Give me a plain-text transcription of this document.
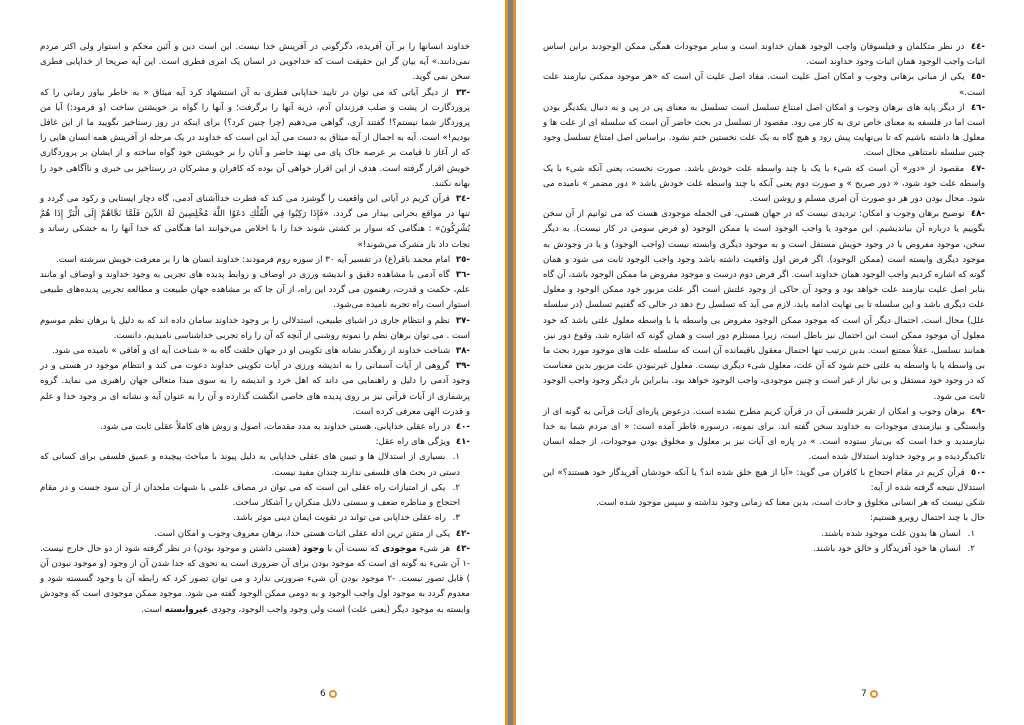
خداوند انسانها را بر آن آفریده، دگرگونی در آفرینش خدا نیست. این است دین و آئین محکم و استوار ولی اکثر مردم نمی‌دانند.» آیه بیان گر این حقیقت است که خداجویی در انسان یک امری فطری است. این آیه صریحا از خداپابی فطری سخن نمی گوید.

-٣٣ از دیگر آیاتی که می توان در تایید خداپابی فطری به آن استشهاد کرد آیه میثاق « به خاطر بیاور زمانی را که پروردگارت از پشت و صلب فرزندان آدم، ذریه آنها را برگرفت؛ و آنها را گواه بر خویشتن ساخت (و فرمود:) آیا من پروردگار شما نیستم؟! گفتند آری، گواهی می‌دهیم (چرا چنین کرد؟) برای اینکه در روز رستاخیز نگویید ما از این غافل بودیم!» است. آیه به اجمال از آیه میثاق به دست می آید این است که خداوند در یک مرحله از آفرینش همه انسان هایی را که از آغاز تا قیامت بر عرصه خاک پای می نهند حاضر و آنان را بر خویشتن خود گواه ساخته و از ایشان بر پروردگاری خویش اقرار گرفته است. هدف از این اقرار خواهی آن بوده که کافران و مشرکان در رستاخیز بی خبری و ناآگاهی خود را بهانه نکنند.

-٣٤ قرآن کریم در آیاتی این واقعیت را گوشزد می کند که فطرت خداآشنای آدمی، گاه دچار ایستایی و رکود می گردد و تنها در مواقع بحرانی بیدار می گردد. «فَإِذَا رَكِبُوا فِي الْفُلْكِ دَعَوُا اللَّهَ مُخْلِصِينَ لَهُ الدِّينَ فَلَمَّا نَجَّاهُمْ إِلَى الْبَرِّ إِذَا هُمْ يُشْرِكُونَ» : هنگامی که سوار بر کشتی شوند خدا را با اخلاص می‌خوانند اما هنگامی که خدا آنها را به خشکی رساند و نجات داد باز مشرک می‌شوند!»

-٣٥ امام محمد باقر(ع) در تفسیر آیه ٣٠ از سوره روم فرمودند: خداوند انسان ها را بر معرفت خویش سرشته است.

-٣٦ گاه آدمی با مشاهده دقیق و اندیشه ورزی در اوصاف و روابط پدیده های تجربی به وجود خداوند و اوصاف او مانند علم، حکمت و قدرت، رهنمون می گردد این راه، از آن جا که بر مشاهده جهان طبیعت و مطالعه تجربی پدیده‌های طبیعی استوار است راه تجربه نامیده می‌شود.

-٣٧ نظم و انتظام جاری در اشیای طبیعی، استدلالی را بر وجود خداوند سامان داده اند که به دلیل یا برهان نظم موسوم است . می توان برهان نظم را نمونه روشنی از آنچه که آن را راه تجربی خداشناسی نامیدیم، دانست.

-٣٨ شناخت خداوند از رهگذر نشانه های تکوینی او در جهان خلقت گاه به « شناخت آیه ای و آفاقی » نامیده می شود.

-٣٩ گروهی از آیات آسمانی را به اندیشه ورزی در آیات تکوینی خداوند دعوت می کند و انتظام موجود در هستی و در وجود آدمی را دلیل و راهنمایی می داند که اهل خرد و اندیشه را به سوی مبدا متعالی جهان راهبری می نماید. گروه پرشماری از آیات قرآنی نیز بر روی پدیده های خاصی انگشت گذارده و آن را به عنوان آیه و نشانه ای بر وجود خدا و علم و قدرت الهی معرفی کرده است.

-٤٠ در راه عقلی خداپابی، هستی خداوند به مدد مقدمات، اصول و روش های کاملاً عقلی ثابت می شود.

-٤١ ویژگی های راه عقل:

١. بسیاری از استدلال ها و تبیین های عقلی خداپابی به دلیل پیوند با مباحث پیچیده و عمیق فلسفی برای کسانی که دستی در بحث های فلسفی ندارند چندان مفید نیست.

٢. یکی از امتیازات راه عقلی این است که می توان در مصاف علمی با شبهات ملحدان از آن سود جست و در مقام احتجاج و مناظره ضعف و سستی دلایل منکران را آشکار ساخت.

٣. راه عقلی خداپابی می تواند در تقویت ایمان دینی موثر باشد.

-٤٢ یکی از متقن ترین ادله عقلی اثبات هستی خدا، برهان معروف وجوب و امکان است.

-٤٣ هر شیء موجودی که نسبت آن با وجود (هستی داشتن و موجود بودن) در نظر گرفته شود از دو حال خارج نیست. -١ آن شیء به گونه ای است که موجود بودن برای آن ضروری است به نحوی که جدا شدن آن از وجود (و موجود نبودن آن ) قابل تصور نیست. -٢ موجود بودن آن شیء ضرورتی ندارد و می توان تصور کرد که رابطه آن با وجود گسسته شود و معدوم گردد به موجود اول واجب الوجود و به دومی ممکن الوجود گفته می شود. موجود ممکن موجودی است که وجودش وابسته به موجود دیگر (یعنی علت) است ولی وجود واجب الوجود، وجودی غیروابسته است.

6

-٤٤ در نظر متکلمان و فیلسوفان واجب الوجود همان خداوند است و سایر موجودات همگی ممکن الوجودند براین اساس اثبات واجب الوجود همان اثبات وجود خداوند است.

-٤٥ یکی از مبانی برهانی وجوب و امکان اصل علیت است. مفاد اصل علیت آن است که «هر موجود ممکنی نیازمند علت است.»

-٤٦ از دیگر پایه های برهان وجوب و امکان اصل امتناع تسلسل است تسلسل به معنای پی در پی و به دنبال یکدیگر بودن است اما در فلسفه به معنای خاص تری به کار می رود. مقصود از تسلسل در بحث حاضر آن است که سلسله ای از علت ها و معلول ها داشته باشیم که تا بی‌نهایت پیش رود و هیچ گاه به یک علت نخستین ختم نشود. براساس اصل امتناع تسلسل وجود چنین سلسله نامتناهی محال است.

-٤٧ مقصود از «دور» آن است که شیء با یک یا چند واسطه علت خودش باشد. صورت نخست، یعنی آنکه شیء با یک واسطه علت خود شود، « دور صریح » و صورت دوم یعنی آنکه با چند واسطه علت خودش باشد « دور مضمر » نامیده می شود. محال بودن دور هر دو صورت آن امری مسلم و روشن است.

-٤٨ توضیح برهان وجوب و امکان: تردیدی نیست که در جهان هستی، فی الجمله موجودی هست که می توانیم از آن سخن بگوییم یا درباره آن بیاندیشیم. این موجود یا واجب الوجود است یا ممکن الوجود (و فرض سومی در کار نیست). به دیگر سخن، موجود مفروض یا در وجود خویش مستقل است و به موجود دیگری وابسته نیست (واجب الوجود) و یا در وجودش به موجود دیگری وابسته است (ممکن الوجود). اگر فرض اول واقعیت داشته باشد وجود واجب الوجود ثابت می شود و همان گونه که اشاره کردیم واجب الوجود همان خداوند است. اگر فرض دوم درست و موجود مفروض ما ممکن الوجود باشد، آن گاه بنابر اصل علیت نیازمند علت خواهد بود و وجود آن حاکی از وجود علتش است اگر علت مزبور خود ممکن الوجود و معلول علت دیگری باشد و این سلسله تا بی نهایت ادامه یابد، لازم می آید که تسلسل رخ دهد در حالی که گفتیم تسلسل (در سلسله علل) محال است. احتمال دیگر آن است که موجود ممکن الوجود مفروض بی واسطه یا با واسطه معلول علتی باشد که خود معلول آن موجود ممکن است این احتمال نیز باطل است، زیرا مستلزم دور است و همان گونه که اشاره شد، وقوع دور نیز، همانند تسلسل، عقلاً ممتنع است. بدین ترتیب تنها احتمال معقول باقیمانده آن است که سلسله علت های موجود مورد بحث ما بی واسطه یا با واسطه به علتی ختم شود که آن علت، معلول شیء دیگری نیست. معلول غیرنبودن علت مزبور بدین معناست که در وجود خود مستقل و بی نیاز از غیر است و چنین موجودی، واجب الوجود خواهد بود. بنابراین بار دیگر وجود واجب الوجود ثابت می شود.

-٤٩ برهان وجوب و امکان از تقریر فلسفی آن در قرآن کریم مطرح نشده است. درعوض پاره‌ای آیات قرآنی به گونه ای از وابستگی و نیازمندی موجودات به خداوند سخن گفته اند. برای نمونه، درسوره فاطر آمده است: « ای مردم شما به خدا نیازمندید و خدا است که بی‌نیاز ستوده است. » در پاره ای آیات نیز بر معلول و مخلوق بودن موجودات، از جمله انسان تاکیدگردیده و بر وجود خداوند استدلال شده است.

-٥٠ قرآن کریم در مقام احتجاج با کافران می گوید: «آیا از هیچ خلق شده اند؟ یا آنکه خودشان آفریدگار خود هستند؟» این استدلال نتیجه گرفته شده از آیه:

شکی نیست که هر انسانی مخلوق و حادث است، بدین معنا که زمانی وجود نداشته و سپس موجود شده است.

حال با چند احتمال روبرو هستیم:

١. انسان ها بدون علت موجود شده باشند.

٢. انسان ها خود آفریدگار و خالق خود باشند.

7
